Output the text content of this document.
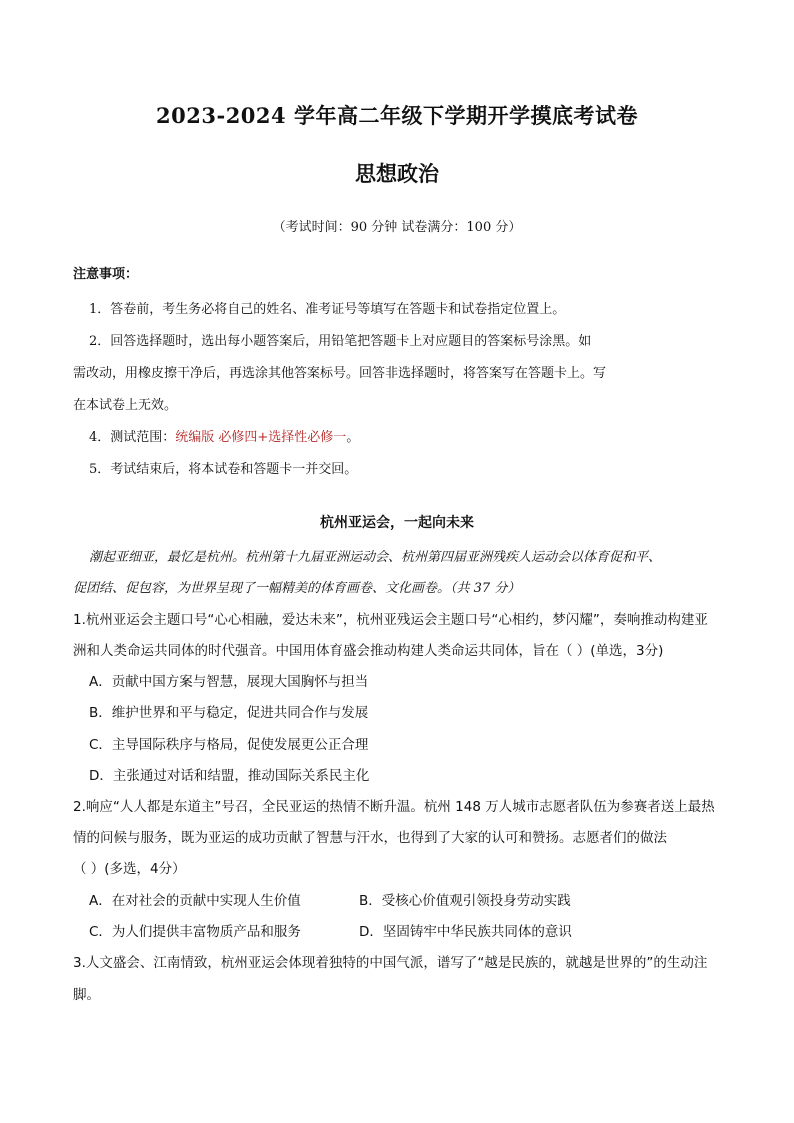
2023-2024 学年高二年级下学期开学摸底考试卷
思想政治
（考试时间：90 分钟 试卷满分：100 分）
注意事项：
1．答卷前，考生务必将自己的姓名、准考证号等填写在答题卡和试卷指定位置上。
2．回答选择题时，选出每小题答案后，用铅笔把答题卡上对应题目的答案标号涂黑。如
需改动，用橡皮擦干净后，再选涂其他答案标号。回答非选择题时，将答案写在答题卡上。写
在本试卷上无效。
4．测试范围：统编版 必修四+选择性必修一。
5．考试结束后，将本试卷和答题卡一并交回。
杭州亚运会，一起向未来
潮起亚细亚，最忆是杭州。杭州第十九届亚洲运动会、杭州第四届亚洲残疾人运动会以体育促和平、
促团结、促包容，为世界呈现了一幅精美的体育画卷、文化画卷。（共 37 分）
1.杭州亚运会主题口号“心心相融，爱达未来”，杭州亚残运会主题口号“心相约，梦闪耀”，奏响推动构建亚
洲和人类命运共同体的时代强音。中国用体育盛会推动构建人类命运共同体，旨在（ ）(单选，3分)
A．贡献中国方案与智慧，展现大国胸怀与担当
B．维护世界和平与稳定，促进共同合作与发展
C．主导国际秩序与格局，促使发展更公正合理
D．主张通过对话和结盟，推动国际关系民主化
2.响应“人人都是东道主”号召，全民亚运的热情不断升温。杭州 148 万人城市志愿者队伍为参赛者送上最热
情的问候与服务，既为亚运的成功贡献了智慧与汗水，也得到了大家的认可和赞扬。志愿者们的做法
（ ）(多选，4分）
A．在对社会的贡献中实现人生价值	B．受核心价值观引领投身劳动实践
C．为人们提供丰富物质产品和服务	D．坚固铸牢中华民族共同体的意识
3.人文盛会、江南情致，杭州亚运会体现着独特的中国气派，谱写了“越是民族的，就越是世界的”的生动注
脚。
